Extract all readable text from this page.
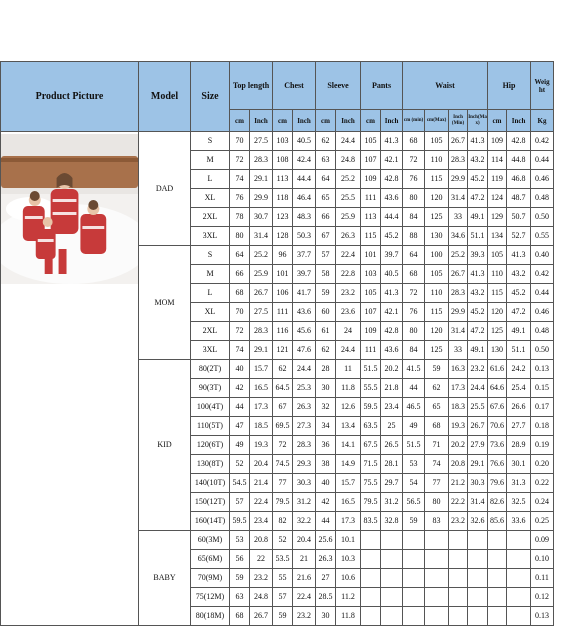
Product Picture	Model	Size	Top length		Chest		Sleeve		Pants		Waist				Hip		Weig ht
			cm	Inch	cm	Inch	cm	Inch	cm	Inch	cm (min)	cm(Max)	Inch (Min)	Inch(Ma x)	cm	Inch	Kg
	DAD	S	70	27.5	103	40.5	62	24.4	105	41.3	68	105	26.7	41.3	109	42.8	0.42
		M	72	28.3	108	42.4	63	24.8	107	42.1	72	110	28.3	43.2	114	44.8	0.44
		L	74	29.1	113	44.4	64	25.2	109	42.8	76	115	29.9	45.2	119	46.8	0.46
		XL	76	29.9	118	46.4	65	25.5	111	43.6	80	120	31.4	47.2	124	48.7	0.48
		2XL	78	30.7	123	48.3	66	25.9	113	44.4	84	125	33	49.1	129	50.7	0.50
		3XL	80	31.4	128	50.3	67	26.3	115	45.2	88	130	34.6	51.1	134	52.7	0.55
	MOM	S	64	25.2	96	37.7	57	22.4	101	39.7	64	100	25.2	39.3	105	41.3	0.40
		M	66	25.9	101	39.7	58	22.8	103	40.5	68	105	26.7	41.3	110	43.2	0.42
		L	68	26.7	106	41.7	59	23.2	105	41.3	72	110	28.3	43.2	115	45.2	0.44
		XL	70	27.5	111	43.6	60	23.6	107	42.1	76	115	29.9	45.2	120	47.2	0.46
		2XL	72	28.3	116	45.6	61	24	109	42.8	80	120	31.4	47.2	125	49.1	0.48
		3XL	74	29.1	121	47.6	62	24.4	111	43.6	84	125	33	49.1	130	51.1	0.50
	KID	80(2T)	40	15.7	62	24.4	28	11	51.5	20.2	41.5	59	16.3	23.2	61.6	24.2	0.13
		90(3T)	42	16.5	64.5	25.3	30	11.8	55.5	21.8	44	62	17.3	24.4	64.6	25.4	0.15
		100(4T)	44	17.3	67	26.3	32	12.6	59.5	23.4	46.5	65	18.3	25.5	67.6	26.6	0.17
		110(5T)	47	18.5	69.5	27.3	34	13.4	63.5	25	49	68	19.3	26.7	70.6	27.7	0.18
		120(6T)	49	19.3	72	28.3	36	14.1	67.5	26.5	51.5	71	20.2	27.9	73.6	28.9	0.19
		130(8T)	52	20.4	74.5	29.3	38	14.9	71.5	28.1	53	74	20.8	29.1	76.6	30.1	0.20
		140(10T)	54.5	21.4	77	30.3	40	15.7	75.5	29.7	54	77	21.2	30.3	79.6	31.3	0.22
		150(12T)	57	22.4	79.5	31.2	42	16.5	79.5	31.2	56.5	80	22.2	31.4	82.6	32.5	0.24
		160(14T)	59.5	23.4	82	32.2	44	17.3	83.5	32.8	59	83	23.2	32.6	85.6	33.6	0.25
	BABY	60(3M)	53	20.8	52	20.4	25.6	10.1									0.09
		65(6M)	56	22	53.5	21	26.3	10.3									0.10
		70(9M)	59	23.2	55	21.6	27	10.6									0.11
		75(12M)	63	24.8	57	22.4	28.5	11.2									0.12
		80(18M)	68	26.7	59	23.2	30	11.8									0.13
